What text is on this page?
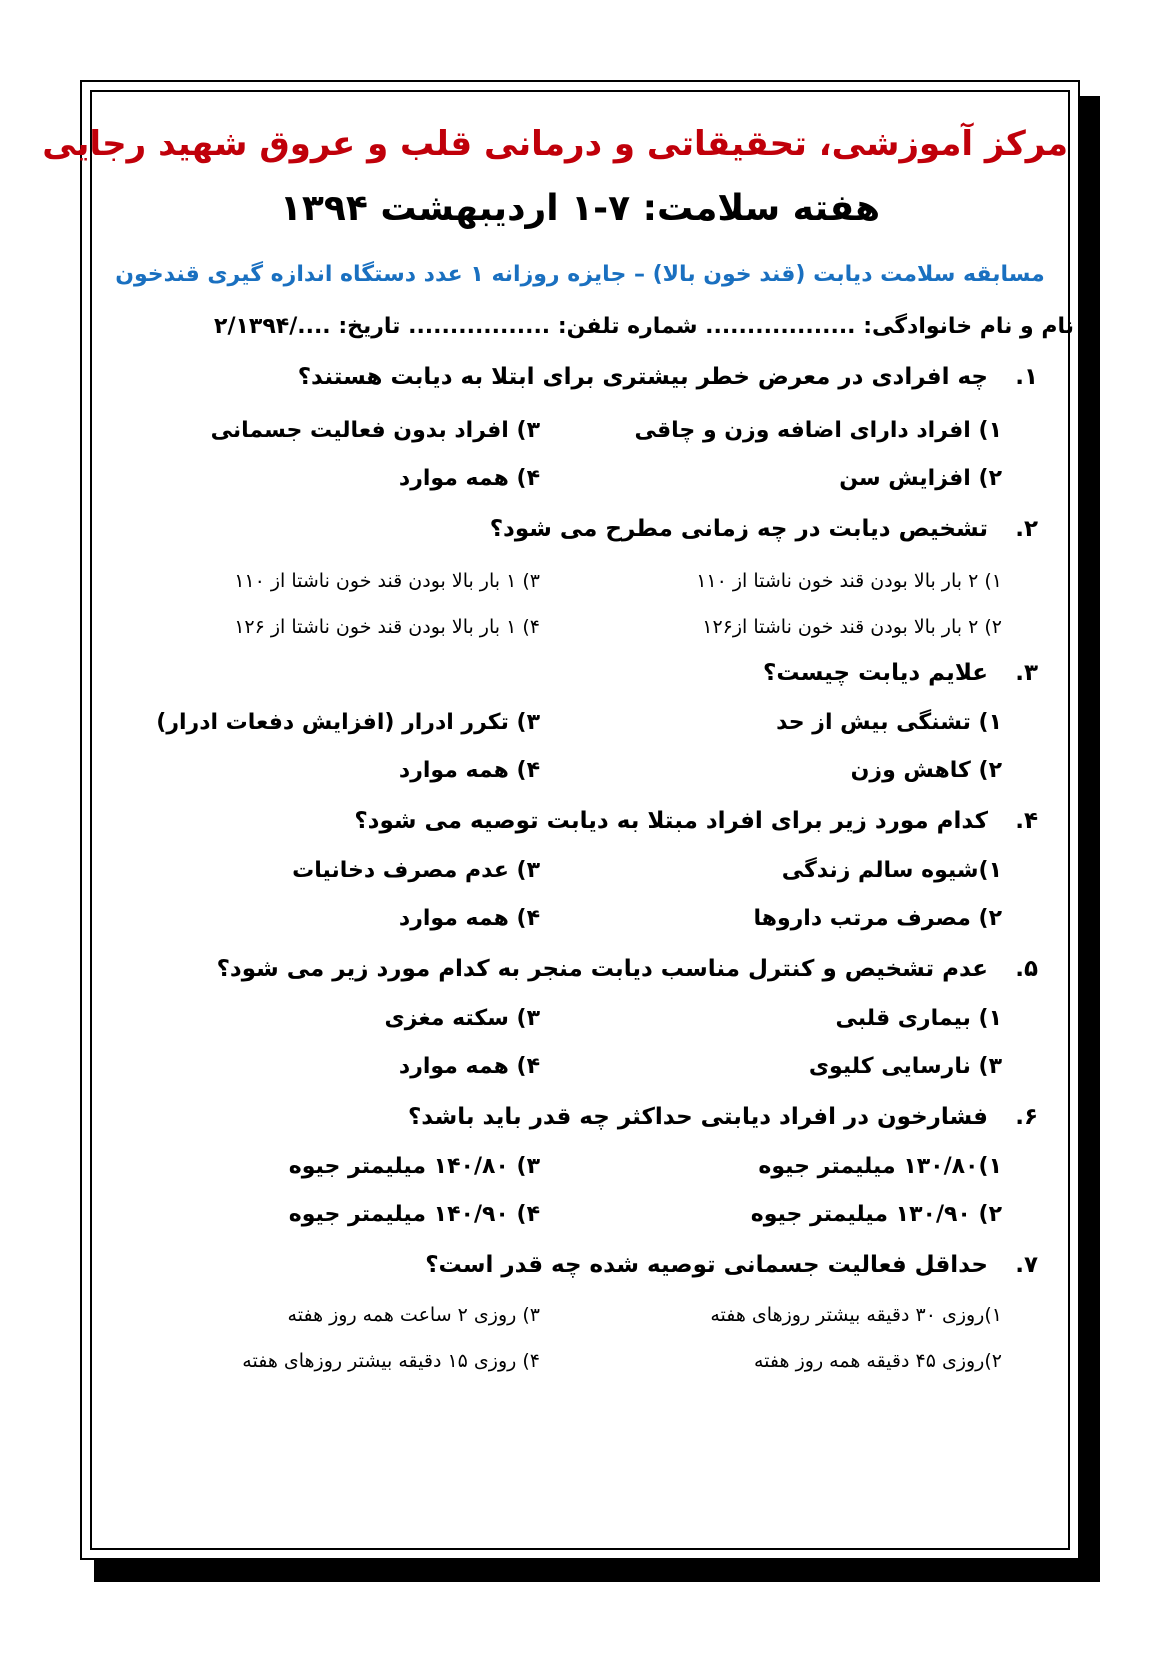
مرکز آموزشی، تحقیقاتی و درمانی قلب و عروق شهید رجایی
هفته سلامت: ۷-۱ اردیبهشت ۱۳۹۴
مسابقه سلامت دیابت (قند خون بالا) – جایزه روزانه ۱ عدد دستگاه اندازه گیری قندخون
نام و نام خانوادگی: .................. شماره تلفن: ................. تاریخ: ..../۲/۱۳۹۴
۱.چه افرادی در معرض خطر بیشتری برای ابتلا به دیابت هستند؟
۱) افراد دارای اضافه وزن و چاقی
۳) افراد بدون فعالیت جسمانی
۲) افزایش سن
۴) همه موارد
۲.تشخیص دیابت در چه زمانی مطرح می شود؟
۱) ۲ بار بالا بودن قند خون ناشتا از ۱۱۰
۳) ۱ بار بالا بودن قند خون ناشتا از ۱۱۰
۲) ۲ بار بالا بودن قند خون ناشتا از۱۲۶
۴) ۱ بار بالا بودن قند خون ناشتا از ۱۲۶
۳.علایم دیابت چیست؟
۱) تشنگی بیش از حد
۳) تکرر ادرار (افزایش دفعات ادرار)
۲) کاهش وزن
۴) همه موارد
۴.کدام مورد زیر برای افراد مبتلا به دیابت توصیه می شود؟
۱)شیوه سالم زندگی
۳) عدم مصرف دخانیات
۲) مصرف مرتب داروها
۴) همه موارد
۵.عدم تشخیص و کنترل مناسب دیابت منجر به کدام مورد زیر می شود؟
۱) بیماری قلبی
۳) سکته مغزی
۳) نارسایی کلیوی
۴) همه موارد
۶.فشارخون در افراد دیابتی حداکثر چه قدر باید باشد؟
۱)۱۳۰/۸۰ میلیمتر جیوه
۳) ۱۴۰/۸۰ میلیمتر جیوه
۲) ۱۳۰/۹۰ میلیمتر جیوه
۴) ۱۴۰/۹۰ میلیمتر جیوه
۷.حداقل فعالیت جسمانی توصیه شده چه قدر است؟
۱)روزی ۳۰ دقیقه بیشتر روزهای هفته
۳) روزی ۲ ساعت همه روز هفته
۲)روزی ۴۵ دقیقه همه روز هفته
۴) روزی ۱۵ دقیقه بیشتر روزهای هفته
